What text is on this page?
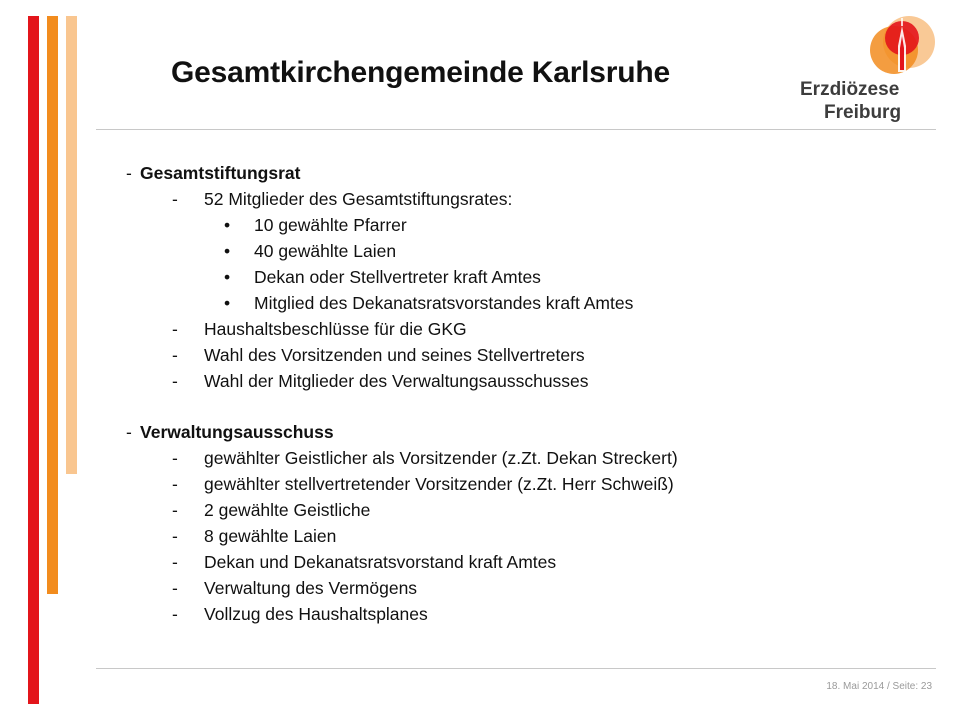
Gesamtkirchengemeinde Karlsruhe
Erzdiözese
Freiburg
- Gesamtstiftungsrat
- 52 Mitglieder des Gesamtstiftungsrates:
• 10 gewählte Pfarrer
• 40 gewählte Laien
• Dekan oder Stellvertreter kraft Amtes
• Mitglied des Dekanatsratsvorstandes kraft Amtes
- Haushaltsbeschlüsse für die GKG
- Wahl des Vorsitzenden und seines Stellvertreters
- Wahl der Mitglieder des Verwaltungsausschusses
- Verwaltungsausschuss
- gewählter Geistlicher als Vorsitzender (z.Zt. Dekan Streckert)
- gewählter stellvertretender Vorsitzender (z.Zt. Herr Schweiß)
- 2 gewählte Geistliche
- 8 gewählte Laien
- Dekan und Dekanatsratsvorstand kraft Amtes
- Verwaltung des Vermögens
- Vollzug des Haushaltsplanes
18. Mai 2014 / Seite: 23
